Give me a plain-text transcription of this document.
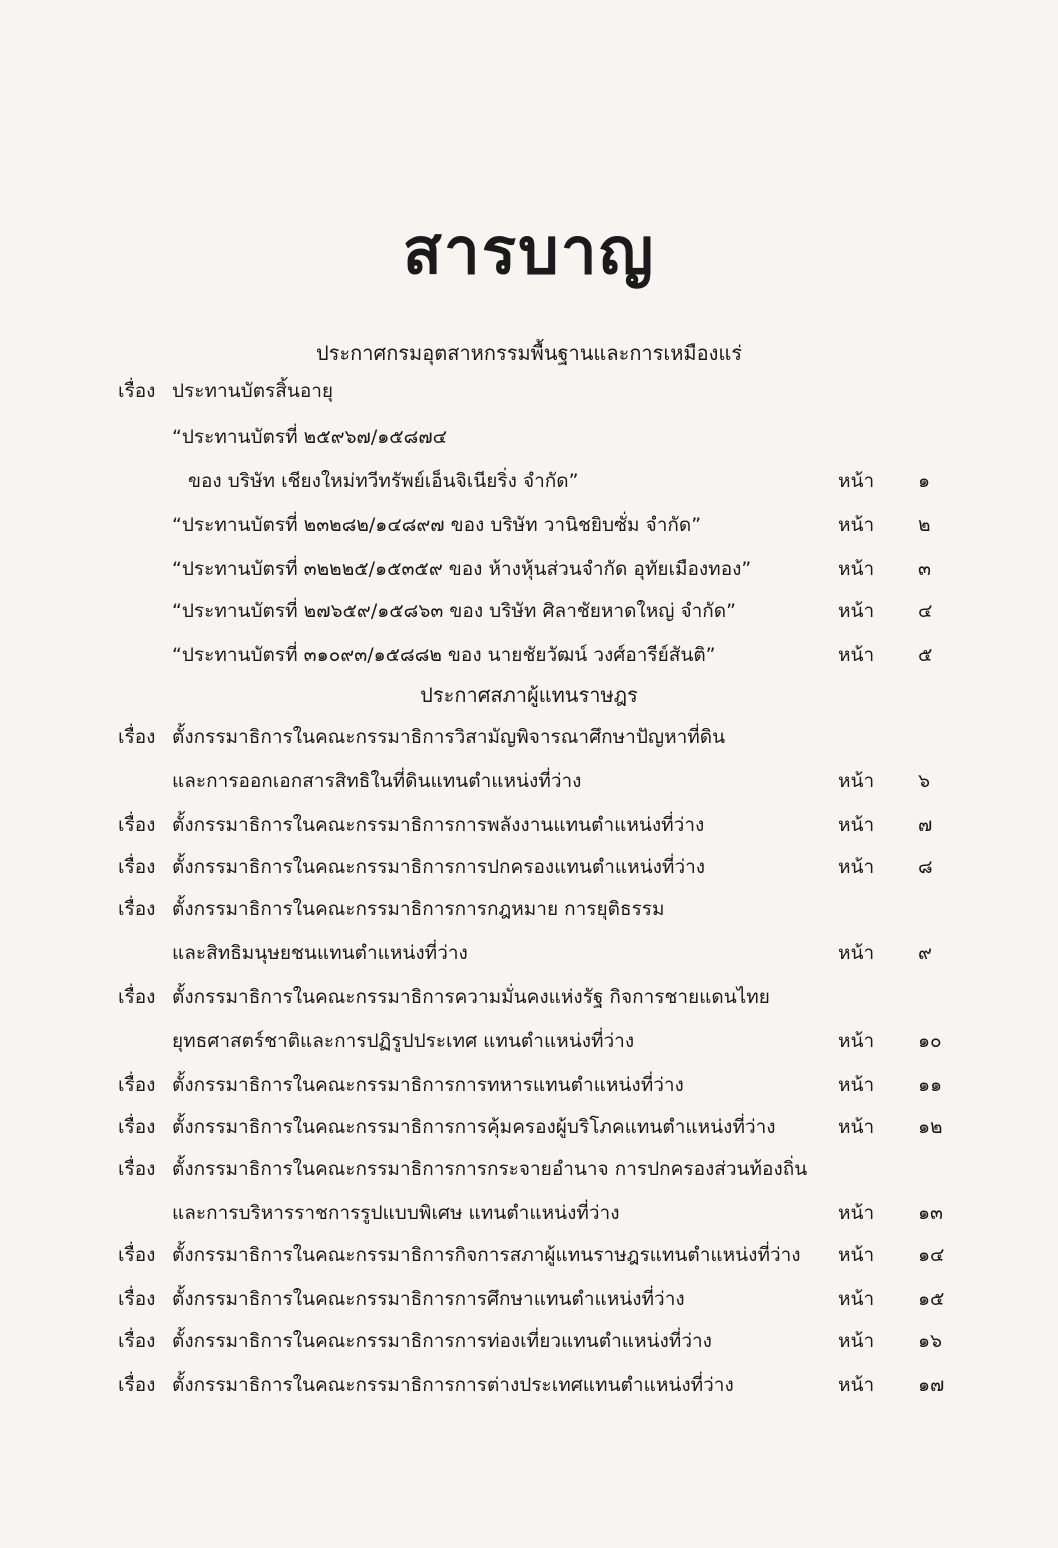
สารบาญ
ประกาศกรมอุตสาหกรรมพื้นฐานและการเหมืองแร่
เรื่อง ประทานบัตรสิ้นอายุ
“ประทานบัตรที่ ๒๕๙๖๗/๑๕๘๗๔
ของ บริษัท เชียงใหม่ทวีทรัพย์เอ็นจิเนียริ่ง จำกัด”	หน้า ๑
“ประทานบัตรที่ ๒๓๒๘๒/๑๔๘๙๗ ของ บริษัท วานิชยิบซั่ม จำกัด”	หน้า ๒
“ประทานบัตรที่ ๓๒๒๒๕/๑๕๓๕๙ ของ ห้างหุ้นส่วนจำกัด อุทัยเมืองทอง”	หน้า ๓
“ประทานบัตรที่ ๒๗๖๕๙/๑๕๘๖๓ ของ บริษัท ศิลาชัยหาดใหญ่ จำกัด”	หน้า ๔
“ประทานบัตรที่ ๓๑๐๙๓/๑๕๘๘๒ ของ นายชัยวัฒน์ วงศ์อารีย์สันติ”	หน้า ๕
ประกาศสภาผู้แทนราษฎร
เรื่อง ตั้งกรรมาธิการในคณะกรรมาธิการวิสามัญพิจารณาศึกษาปัญหาที่ดิน
และการออกเอกสารสิทธิในที่ดินแทนตำแหน่งที่ว่าง	หน้า ๖
เรื่อง ตั้งกรรมาธิการในคณะกรรมาธิการการพลังงานแทนตำแหน่งที่ว่าง	หน้า ๗
เรื่อง ตั้งกรรมาธิการในคณะกรรมาธิการการปกครองแทนตำแหน่งที่ว่าง	หน้า ๘
เรื่อง ตั้งกรรมาธิการในคณะกรรมาธิการการกฎหมาย การยุติธรรม
และสิทธิมนุษยชนแทนตำแหน่งที่ว่าง	หน้า ๙
เรื่อง ตั้งกรรมาธิการในคณะกรรมาธิการความมั่นคงแห่งรัฐ กิจการชายแดนไทย
ยุทธศาสตร์ชาติและการปฏิรูปประเทศ แทนตำแหน่งที่ว่าง	หน้า ๑๐
เรื่อง ตั้งกรรมาธิการในคณะกรรมาธิการการทหารแทนตำแหน่งที่ว่าง	หน้า ๑๑
เรื่อง ตั้งกรรมาธิการในคณะกรรมาธิการการคุ้มครองผู้บริโภคแทนตำแหน่งที่ว่าง	หน้า ๑๒
เรื่อง ตั้งกรรมาธิการในคณะกรรมาธิการการกระจายอำนาจ การปกครองส่วนท้องถิ่น
และการบริหารราชการรูปแบบพิเศษ แทนตำแหน่งที่ว่าง	หน้า ๑๓
เรื่อง ตั้งกรรมาธิการในคณะกรรมาธิการกิจการสภาผู้แทนราษฎรแทนตำแหน่งที่ว่าง หน้า ๑๔
เรื่อง ตั้งกรรมาธิการในคณะกรรมาธิการการศึกษาแทนตำแหน่งที่ว่าง	หน้า ๑๕
เรื่อง ตั้งกรรมาธิการในคณะกรรมาธิการการท่องเที่ยวแทนตำแหน่งที่ว่าง	หน้า ๑๖
เรื่อง ตั้งกรรมาธิการในคณะกรรมาธิการการต่างประเทศแทนตำแหน่งที่ว่าง	หน้า ๑๗
